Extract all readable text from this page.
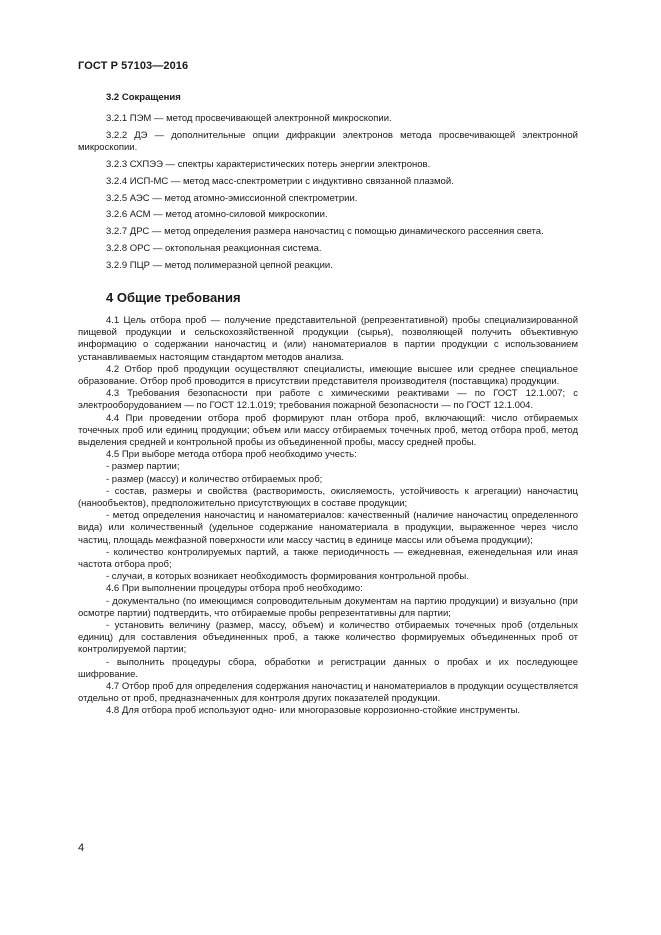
ГОСТ Р 57103—2016
3.2 Сокращения

3.2.1 ПЭМ — метод просвечивающей электронной микроскопии.

3.2.2 ДЭ — дополнительные опции дифракции электронов метода просвечивающей электронной микроскопии.

3.2.3 СХПЭЭ — спектры характеристических потерь энергии электронов.

3.2.4 ИСП-МС — метод масс-спектрометрии с индуктивно связанной плазмой.

3.2.5 АЭС — метод атомно-эмиссионной спектрометрии.

3.2.6 АСМ — метод атомно-силовой микроскопии.

3.2.7 ДРС — метод определения размера наночастиц с помощью динамического рассеяния света.

3.2.8 ОРС — октопольная реакционная система.

3.2.9 ПЦР — метод полимеразной цепной реакции.

4 Общие требования

4.1 Цель отбора проб — получение представительной (репрезентативной) пробы специализированной пищевой продукции и сельскохозяйственной продукции (сырья), позволяющей получить объективную информацию о содержании наночастиц и (или) наноматериалов в партии продукции с использованием устанавливаемых настоящим стандартом методов анализа.

4.2 Отбор проб продукции осуществляют специалисты, имеющие высшее или среднее специальное образование. Отбор проб проводится в присутствии представителя производителя (поставщика) продукции.

4.3 Требования безопасности при работе с химическими реактивами — по ГОСТ 12.1.007; с электрооборудованием — по ГОСТ 12.1.019; требования пожарной безопасности — по ГОСТ 12.1.004.

4.4 При проведении отбора проб формируют план отбора проб, включающий: число отбираемых точечных проб или единиц продукции; объем или массу отбираемых точечных проб, метод отбора проб, метод выделения средней и контрольной пробы из объединенной пробы, массу средней пробы.

4.5 При выборе метода отбора проб необходимо учесть:

- размер партии;

- размер (массу) и количество отбираемых проб;

- состав, размеры и свойства (растворимость, окисляемость, устойчивость к агрегации) наночастиц (нанообъектов), предположительно присутствующих в составе продукции;

- метод определения наночастиц и наноматериалов: качественный (наличие наночастиц определенного вида) или количественный (удельное содержание наноматериала в продукции, выраженное через число частиц, площадь межфазной поверхности или массу частиц в единице массы или объема продукции);

- количество контролируемых партий, а также периодичность — ежедневная, еженедельная или иная частота отбора проб;

- случаи, в которых возникает необходимость формирования контрольной пробы.

4.6 При выполнении процедуры отбора проб необходимо:

- документально (по имеющимся сопроводительным документам на партию продукции) и визуально (при осмотре партии) подтвердить, что отбираемые пробы репрезентативны для партии;

- установить величину (размер, массу, объем) и количество отбираемых точечных проб (отдельных единиц) для составления объединенных проб, а также количество формируемых объединенных проб от контролируемой партии;

- выполнить процедуры сбора, обработки и регистрации данных о пробах и их последующее шифрование.

4.7 Отбор проб для определения содержания наночастиц и наноматериалов в продукции осуществляется отдельно от проб, предназначенных для контроля других показателей продукции.

4.8 Для отбора проб используют одно- или многоразовые коррозионно-стойкие инструменты.

4
